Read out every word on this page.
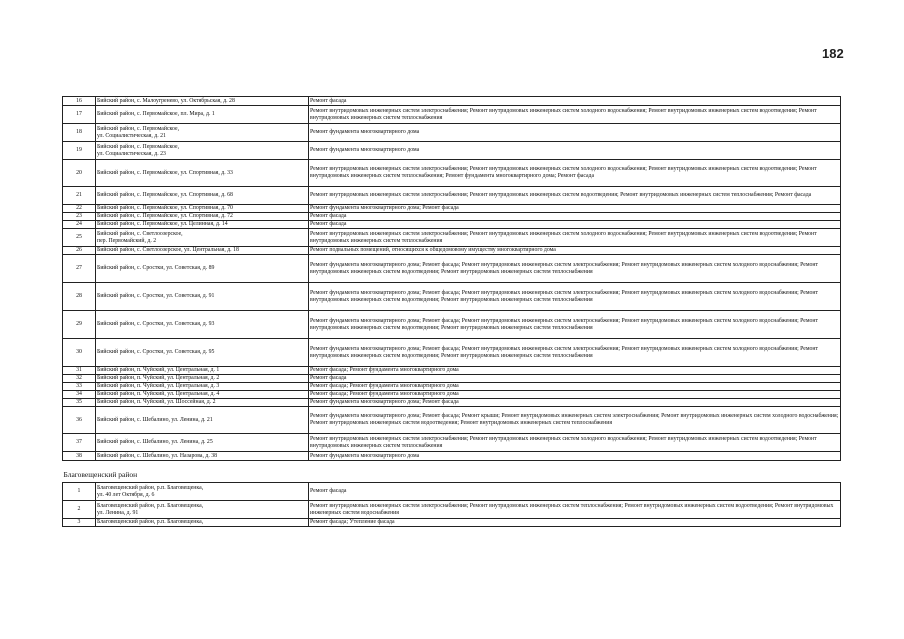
182
16	Бийский район, с. Малоугренево, ул. Октябрьская, д. 28	Ремонт фасада
17	Бийский район, с. Первомайское, пл. Мира, д. 1	Ремонт внутридомовых инженерных систем электроснабжения; Ремонт внутридомовых инженерных систем холодного водоснабжения; Ремонт внутридомовых инженерных систем водоотведения; Ремонт внутридомовых инженерных систем теплоснабжения
18	Бийский район, с. Первомайское,
ул. Социалистическая, д. 21	Ремонт фундамента многоквартирного дома
19	Бийский район, с. Первомайское,
ул. Социалистическая, д. 23	Ремонт фундамента многоквартирного дома
20	Бийский район, с. Первомайское, ул. Спортивная, д. 33	Ремонт внутридомовых инженерных систем электроснабжения; Ремонт внутридомовых инженерных систем холодного водоснабжения; Ремонт внутридомовых инженерных систем водоотведения; Ремонт внутридомовых инженерных систем теплоснабжения; Ремонт фундамента многоквартирного дома; Ремонт фасада
21	Бийский район, с. Первомайское, ул. Спортивная, д. 68	Ремонт внутридомовых инженерных систем электроснабжения; Ремонт внутридомовых инженерных систем водоотведения; Ремонт внутридомовых инженерных систем теплоснабжения; Ремонт фасада
22	Бийский район, с. Первомайское, ул. Спортивная, д. 70	Ремонт фундамента многоквартирного дома; Ремонт фасада
23	Бийский район, с. Первомайское, ул. Спортивная, д. 72	Ремонт фасада
24	Бийский район, с. Первомайское, ул. Целинная, д. 14	Ремонт фасада
25	Бийский район, с. Светлоозерское,
пер. Первомайский, д. 2	Ремонт внутридомовых инженерных систем электроснабжения; Ремонт внутридомовых инженерных систем холодного водоснабжения; Ремонт внутридомовых инженерных систем водоотведения; Ремонт внутридомовых инженерных систем теплоснабжения
26	Бийский район, с. Светлоозерское, ул. Центральная, д. 18	Ремонт подвальных помещений, относящихся к общедомовому имуществу многоквартирного дома
27	Бийский район, с. Сростки, ул. Советская, д. 89	Ремонт фундамента многоквартирного дома; Ремонт фасада; Ремонт внутридомовых инженерных систем электроснабжения; Ремонт внутридомовых инженерных систем холодного водоснабжения; Ремонт внутридомовых инженерных систем водоотведения; Ремонт внутридомовых инженерных систем теплоснабжения
28	Бийский район, с. Сростки, ул. Советская, д. 91	Ремонт фундамента многоквартирного дома; Ремонт фасада; Ремонт внутридомовых инженерных систем электроснабжения; Ремонт внутридомовых инженерных систем холодного водоснабжения; Ремонт внутридомовых инженерных систем водоотведения; Ремонт внутридомовых инженерных систем теплоснабжения
29	Бийский район, с. Сростки, ул. Советская, д. 93	Ремонт фундамента многоквартирного дома; Ремонт фасада; Ремонт внутридомовых инженерных систем электроснабжения; Ремонт внутридомовых инженерных систем холодного водоснабжения; Ремонт внутридомовых инженерных систем водоотведения; Ремонт внутридомовых инженерных систем теплоснабжения
30	Бийский район, с. Сростки, ул. Советская, д. 95	Ремонт фундамента многоквартирного дома; Ремонт фасада; Ремонт внутридомовых инженерных систем электроснабжения; Ремонт внутридомовых инженерных систем холодного водоснабжения; Ремонт внутридомовых инженерных систем водоотведения; Ремонт внутридомовых инженерных систем теплоснабжения
31	Бийский район, п. Чуйский, ул. Центральная, д. 1	Ремонт фасада; Ремонт фундамента многоквартирного дома
32	Бийский район, п. Чуйский, ул. Центральная, д. 2	Ремонт фасада
33	Бийский район, п. Чуйский, ул. Центральная, д. 3	Ремонт фасада; Ремонт фундамента многоквартирного дома
34	Бийский район, п. Чуйский, ул. Центральная, д. 4	Ремонт фасада; Ремонт фундамента многоквартирного дома
35	Бийский район, п. Чуйский, ул. Шоссейная, д. 2	Ремонт фундамента многоквартирного дома; Ремонт фасада
36	Бийский район, с. Шебалино, ул. Ленина, д. 21	Ремонт фундамента многоквартирного дома; Ремонт фасада; Ремонт крыши; Ремонт внутридомовых инженерных систем электроснабжения; Ремонт внутридомовых инженерных систем холодного водоснабжения; Ремонт внутридомовых инженерных систем водоотведения; Ремонт внутридомовых инженерных систем теплоснабжения
37	Бийский район, с. Шебалино, ул. Ленина, д. 25	Ремонт внутридомовых инженерных систем электроснабжения; Ремонт внутридомовых инженерных систем холодного водоснабжения; Ремонт внутридомовых инженерных систем водоотведения; Ремонт внутридомовых инженерных систем теплоснабжения
38	Бийский район, с. Шебалино, ул. Назарова, д. 38	Ремонт фундамента многоквартирного дома
Благовещенский район		
1	Благовещенский район, р.п. Благовещенка,
ул. 40 лет Октября, д. 6	Ремонт фасада
2	Благовещенский район, р.п. Благовещенка,
ул. Ленина, д. 91	Ремонт внутридомовых инженерных систем электроснабжения; Ремонт внутридомовых инженерных систем теплоснабжения; Ремонт внутридомовых инженерных систем водоотведения; Ремонт внутридомовых инженерных систем водоснабжения
3	Благовещенский район, р.п. Благовещенка,	Ремонт фасада; Утепление фасада
